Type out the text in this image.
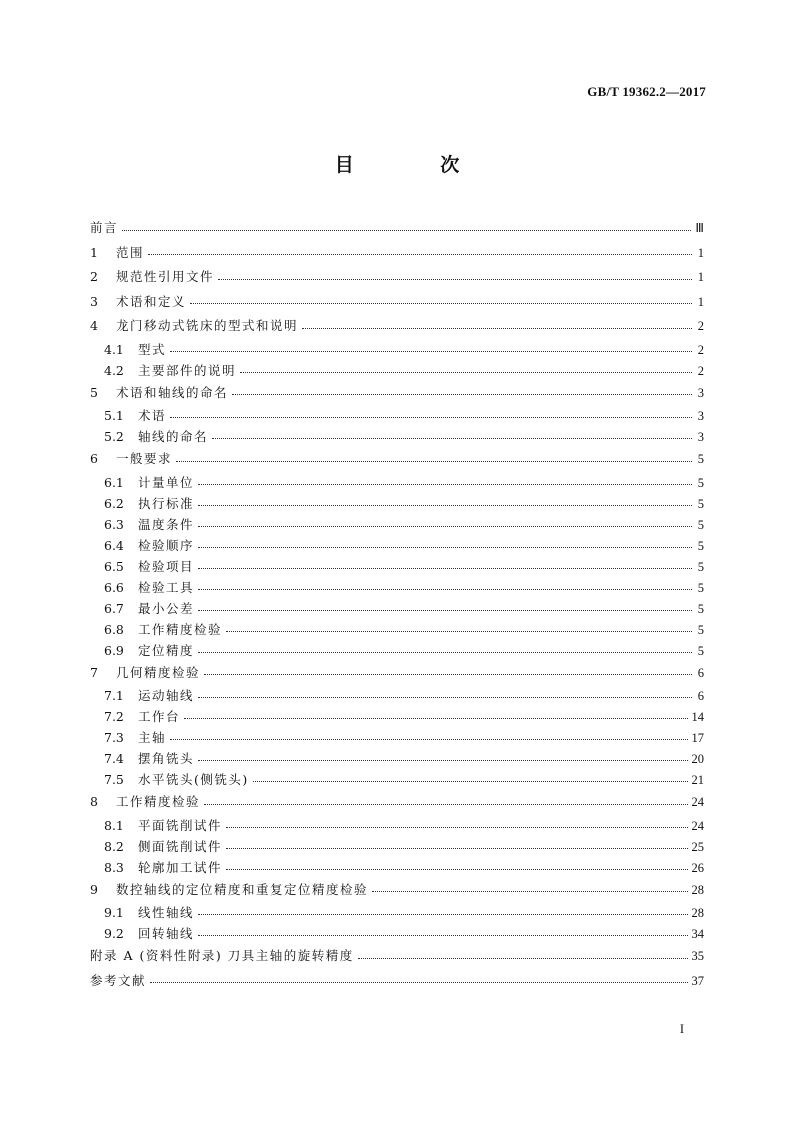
GB/T 19362.2—2017
目 次
前言	Ⅲ
1	范围	1
2	规范性引用文件	1
3	术语和定义	1
4	龙门移动式铣床的型式和说明	2
4.1	型式	2
4.2	主要部件的说明	2
5	术语和轴线的命名	3
5.1	术语	3
5.2	轴线的命名	3
6	一般要求	5
6.1	计量单位	5
6.2	执行标准	5
6.3	温度条件	5
6.4	检验顺序	5
6.5	检验项目	5
6.6	检验工具	5
6.7	最小公差	5
6.8	工作精度检验	5
6.9	定位精度	5
7	几何精度检验	6
7.1	运动轴线	6
7.2	工作台	14
7.3	主轴	17
7.4	摆角铣头	20
7.5	水平铣头(侧铣头)	21
8	工作精度检验	24
8.1	平面铣削试件	24
8.2	侧面铣削试件	25
8.3	轮廓加工试件	26
9	数控轴线的定位精度和重复定位精度检验	28
9.1	线性轴线	28
9.2	回转轴线	34
附录 A (资料性附录) 刀具主轴的旋转精度	35
参考文献	37
I
